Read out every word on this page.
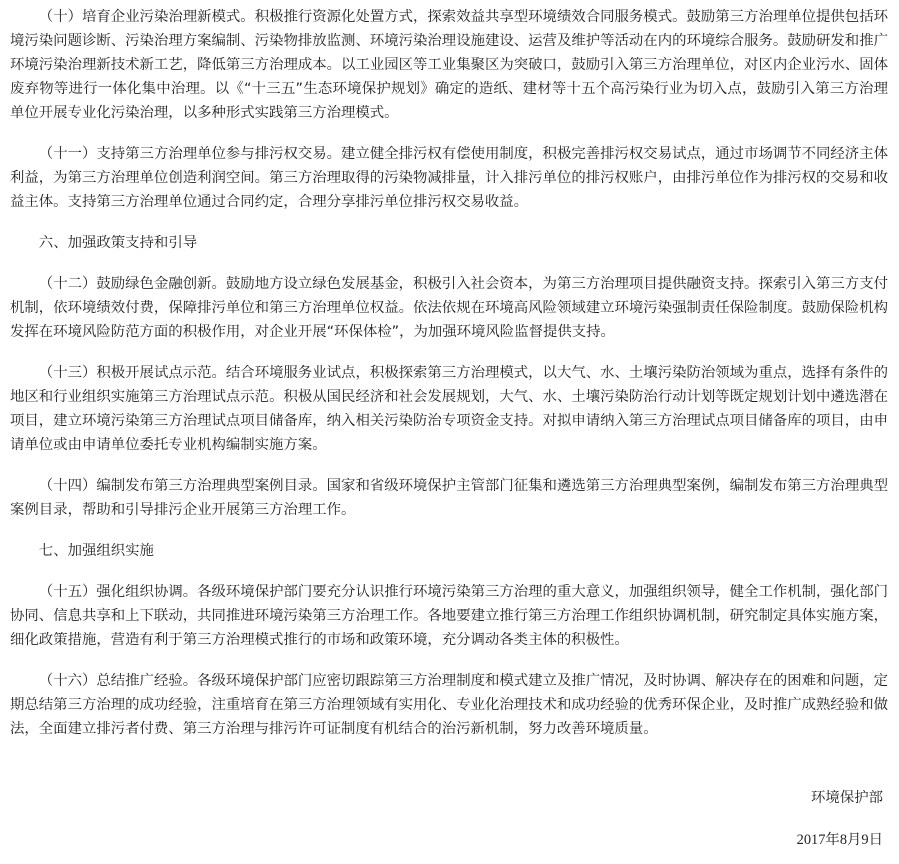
（十）培育企业污染治理新模式。积极推行资源化处置方式，探索效益共享型环境绩效合同服务模式。鼓励第三方治理单位提供包括环境污染问题诊断、污染治理方案编制、污染物排放监测、环境污染治理设施建设、运营及维护等活动在内的环境综合服务。鼓励研发和推广环境污染治理新技术新工艺，降低第三方治理成本。以工业园区等工业集聚区为突破口，鼓励引入第三方治理单位，对区内企业污水、固体废弃物等进行一体化集中治理。以《“十三五”生态环境保护规划》确定的造纸、建材等十五个高污染行业为切入点，鼓励引入第三方治理单位开展专业化污染治理，以多种形式实践第三方治理模式。

（十一）支持第三方治理单位参与排污权交易。建立健全排污权有偿使用制度，积极完善排污权交易试点，通过市场调节不同经济主体利益，为第三方治理单位创造利润空间。第三方治理取得的污染物减排量，计入排污单位的排污权账户，由排污单位作为排污权的交易和收益主体。支持第三方治理单位通过合同约定，合理分享排污单位排污权交易收益。

六、加强政策支持和引导

（十二）鼓励绿色金融创新。鼓励地方设立绿色发展基金，积极引入社会资本，为第三方治理项目提供融资支持。探索引入第三方支付机制，依环境绩效付费，保障排污单位和第三方治理单位权益。依法依规在环境高风险领域建立环境污染强制责任保险制度。鼓励保险机构发挥在环境风险防范方面的积极作用，对企业开展“环保体检”，为加强环境风险监督提供支持。

（十三）积极开展试点示范。结合环境服务业试点，积极探索第三方治理模式，以大气、水、土壤污染防治领域为重点，选择有条件的地区和行业组织实施第三方治理试点示范。积极从国民经济和社会发展规划，大气、水、土壤污染防治行动计划等既定规划计划中遴选潜在项目，建立环境污染第三方治理试点项目储备库，纳入相关污染防治专项资金支持。对拟申请纳入第三方治理试点项目储备库的项目，由申请单位或由申请单位委托专业机构编制实施方案。

（十四）编制发布第三方治理典型案例目录。国家和省级环境保护主管部门征集和遴选第三方治理典型案例，编制发布第三方治理典型案例目录，帮助和引导排污企业开展第三方治理工作。

七、加强组织实施

（十五）强化组织协调。各级环境保护部门要充分认识推行环境污染第三方治理的重大意义，加强组织领导，健全工作机制，强化部门协同、信息共享和上下联动，共同推进环境污染第三方治理工作。各地要建立推行第三方治理工作组织协调机制，研究制定具体实施方案，细化政策措施，营造有利于第三方治理模式推行的市场和政策环境，充分调动各类主体的积极性。

（十六）总结推广经验。各级环境保护部门应密切跟踪第三方治理制度和模式建立及推广情况，及时协调、解决存在的困难和问题，定期总结第三方治理的成功经验，注重培育在第三方治理领域有实用化、专业化治理技术和成功经验的优秀环保企业，及时推广成熟经验和做法，全面建立排污者付费、第三方治理与排污许可证制度有机结合的治污新机制，努力改善环境质量。

环境保护部
2017年8月9日
